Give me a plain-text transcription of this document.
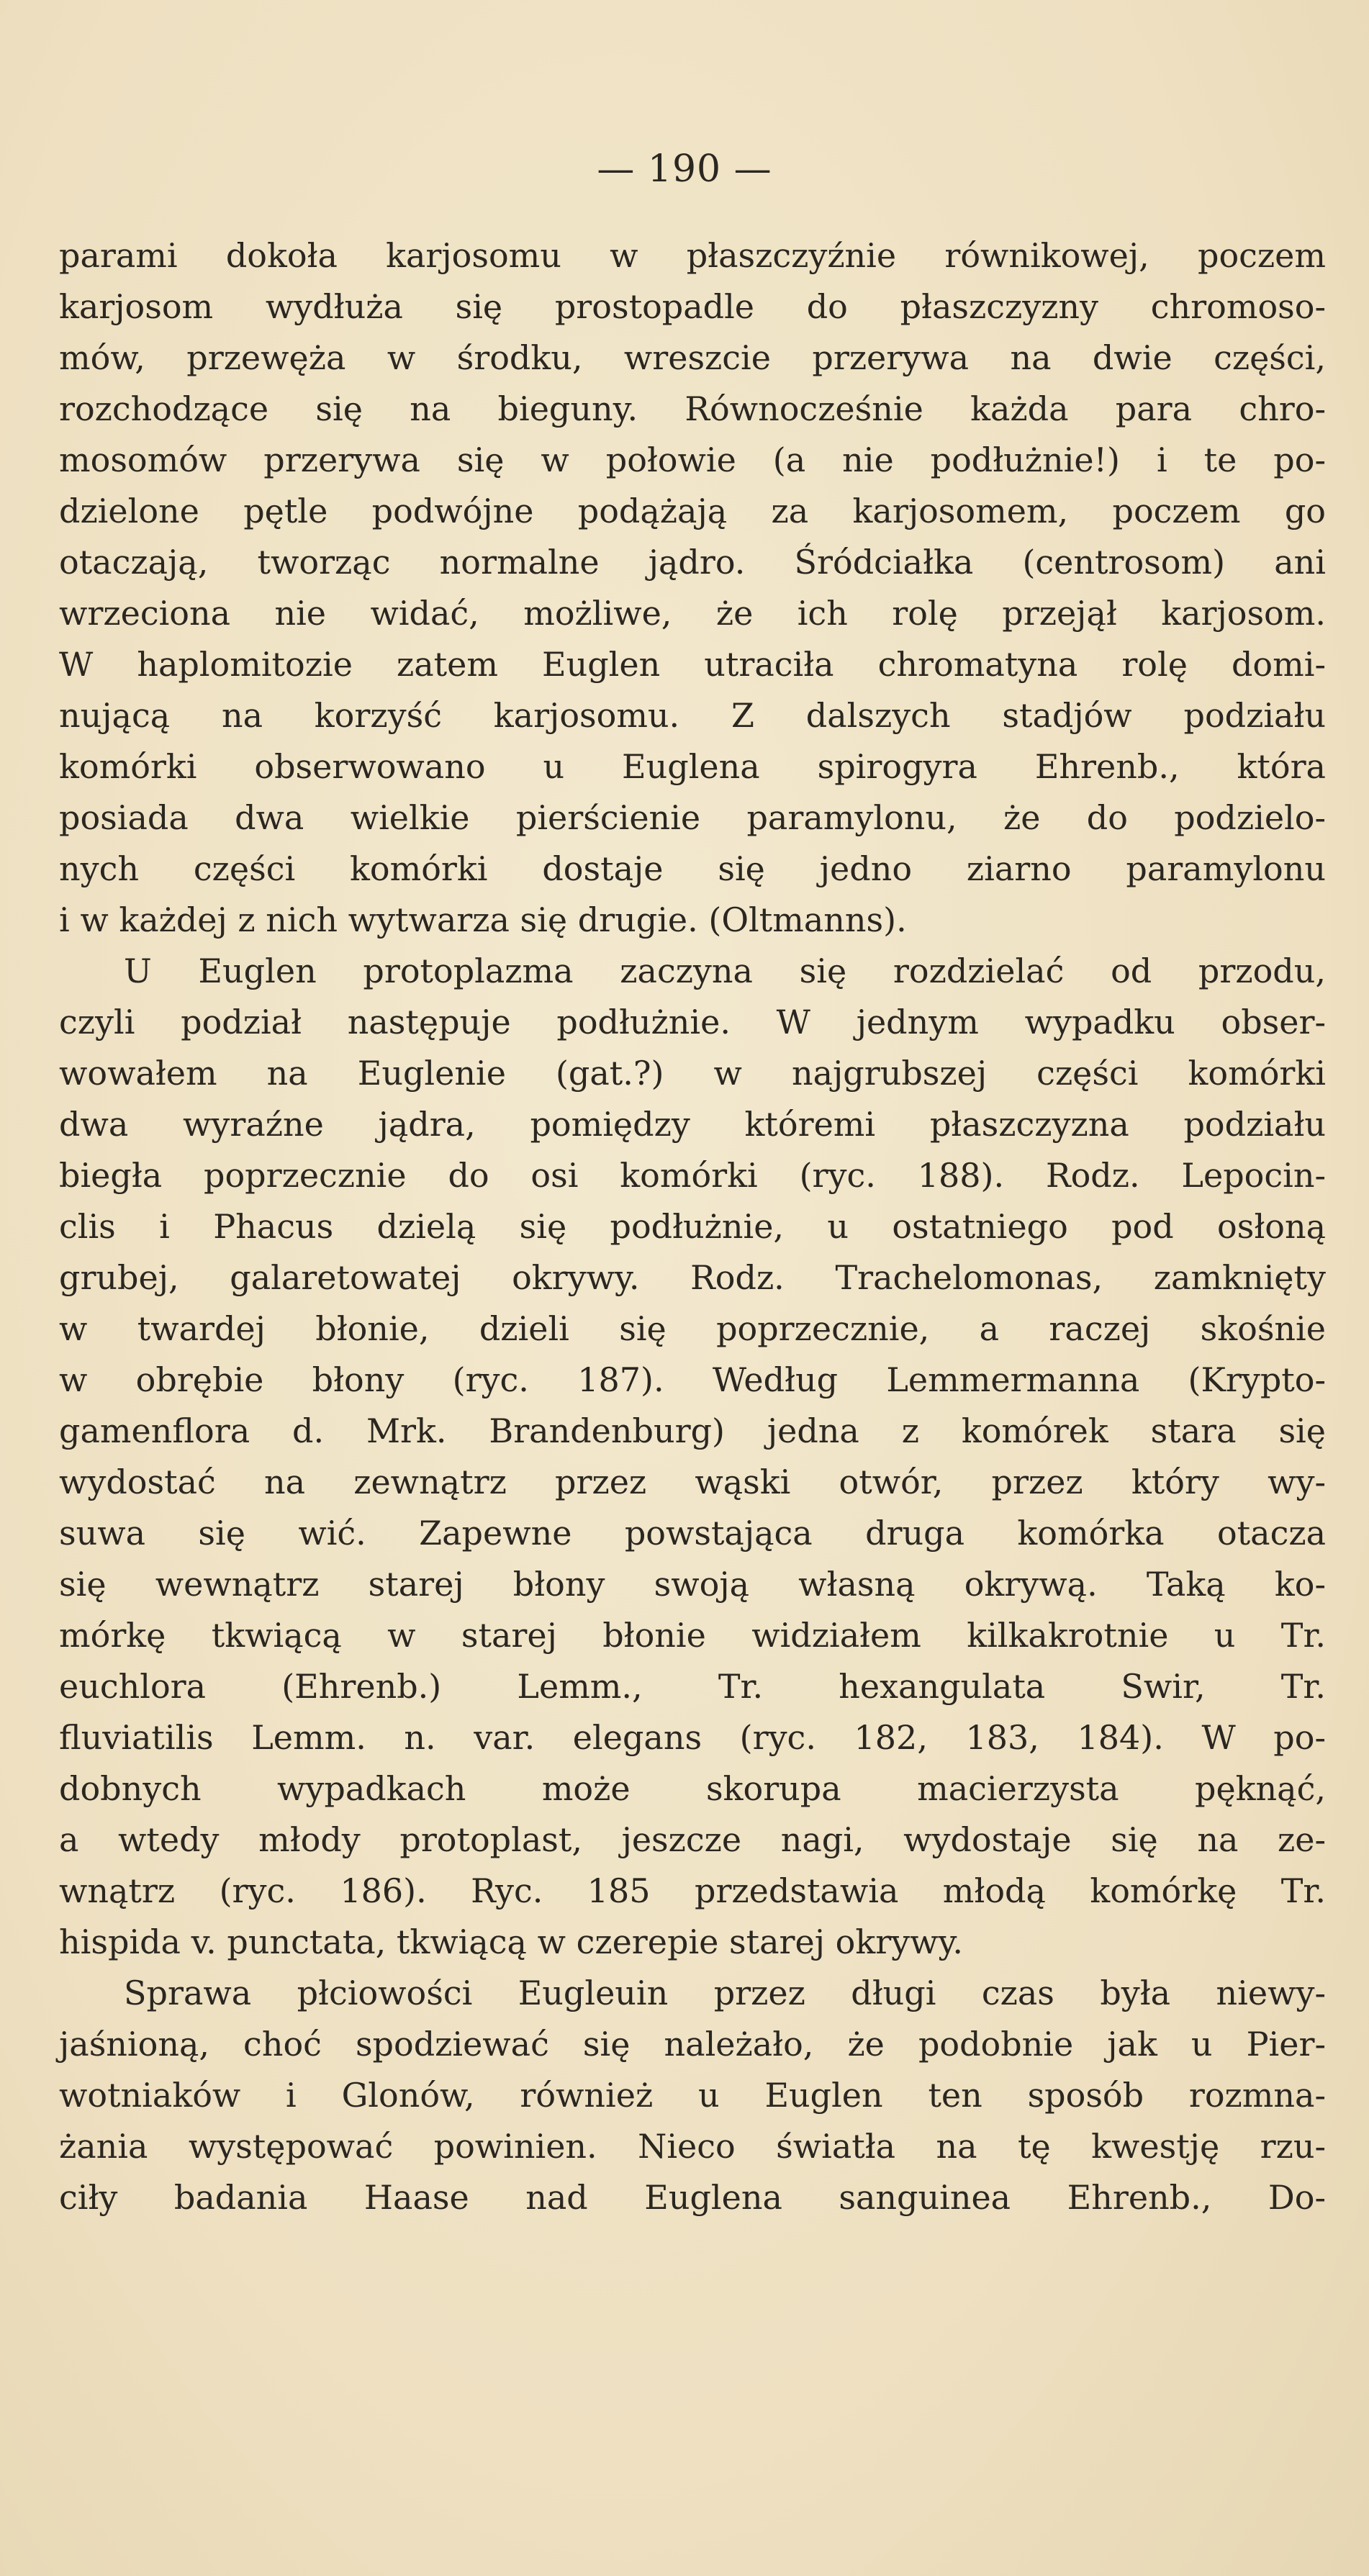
— 190 —
parami dokoła karjosomu w płaszczyźnie równikowej, poczem
karjosom wydłuża się prostopadle do płaszczyzny chromoso-
mów, przewęża w środku, wreszcie przerywa na dwie części,
rozchodzące się na bieguny. Równocześnie każda para chro-
mosomów przerywa się w połowie (a nie podłużnie!) i te po-
dzielone pętle podwójne podążają za karjosomem, poczem go
otaczają, tworząc normalne jądro. Śródciałka (centrosom) ani
wrzeciona nie widać, możliwe, że ich rolę przejął karjosom.
W haplomitozie zatem Euglen utraciła chromatyna rolę domi-
nującą na korzyść karjosomu. Z dalszych stadjów podziału
komórki obserwowano u Euglena spirogyra Ehrenb., która
posiada dwa wielkie pierścienie paramylonu, że do podzielo-
nych części komórki dostaje się jedno ziarno paramylonu
i w każdej z nich wytwarza się drugie. (Oltmanns).
U Euglen protoplazma zaczyna się rozdzielać od przodu,
czyli podział następuje podłużnie. W jednym wypadku obser-
wowałem na Euglenie (gat.?) w najgrubszej części komórki
dwa wyraźne jądra, pomiędzy któremi płaszczyzna podziału
biegła poprzecznie do osi komórki (ryc. 188). Rodz. Lepocin-
clis i Phacus dzielą się podłużnie, u ostatniego pod osłoną
grubej, galaretowatej okrywy. Rodz. Trachelomonas, zamknięty
w twardej błonie, dzieli się poprzecznie, a raczej skośnie
w obrębie błony (ryc. 187). Według Lemmermanna (Krypto-
gamenflora d. Mrk. Brandenburg) jedna z komórek stara się
wydostać na zewnątrz przez wąski otwór, przez który wy-
suwa się wić. Zapewne powstająca druga komórka otacza
się wewnątrz starej błony swoją własną okrywą. Taką ko-
mórkę tkwiącą w starej błonie widziałem kilkakrotnie u Tr.
euchlora (Ehrenb.) Lemm., Tr. hexangulata Swir, Tr.
fluviatilis Lemm. n. var. elegans (ryc. 182, 183, 184). W po-
dobnych wypadkach może skorupa macierzysta pęknąć,
a wtedy młody protoplast, jeszcze nagi, wydostaje się na ze-
wnątrz (ryc. 186). Ryc. 185 przedstawia młodą komórkę Tr.
hispida v. punctata, tkwiącą w czerepie starej okrywy.
Sprawa płciowości Eugleuin przez długi czas była niewy-
jaśnioną, choć spodziewać się należało, że podobnie jak u Pier-
wotniaków i Glonów, również u Euglen ten sposób rozmna-
żania występować powinien. Nieco światła na tę kwestję rzu-
ciły badania Haase nad Euglena sanguinea Ehrenb., Do-
